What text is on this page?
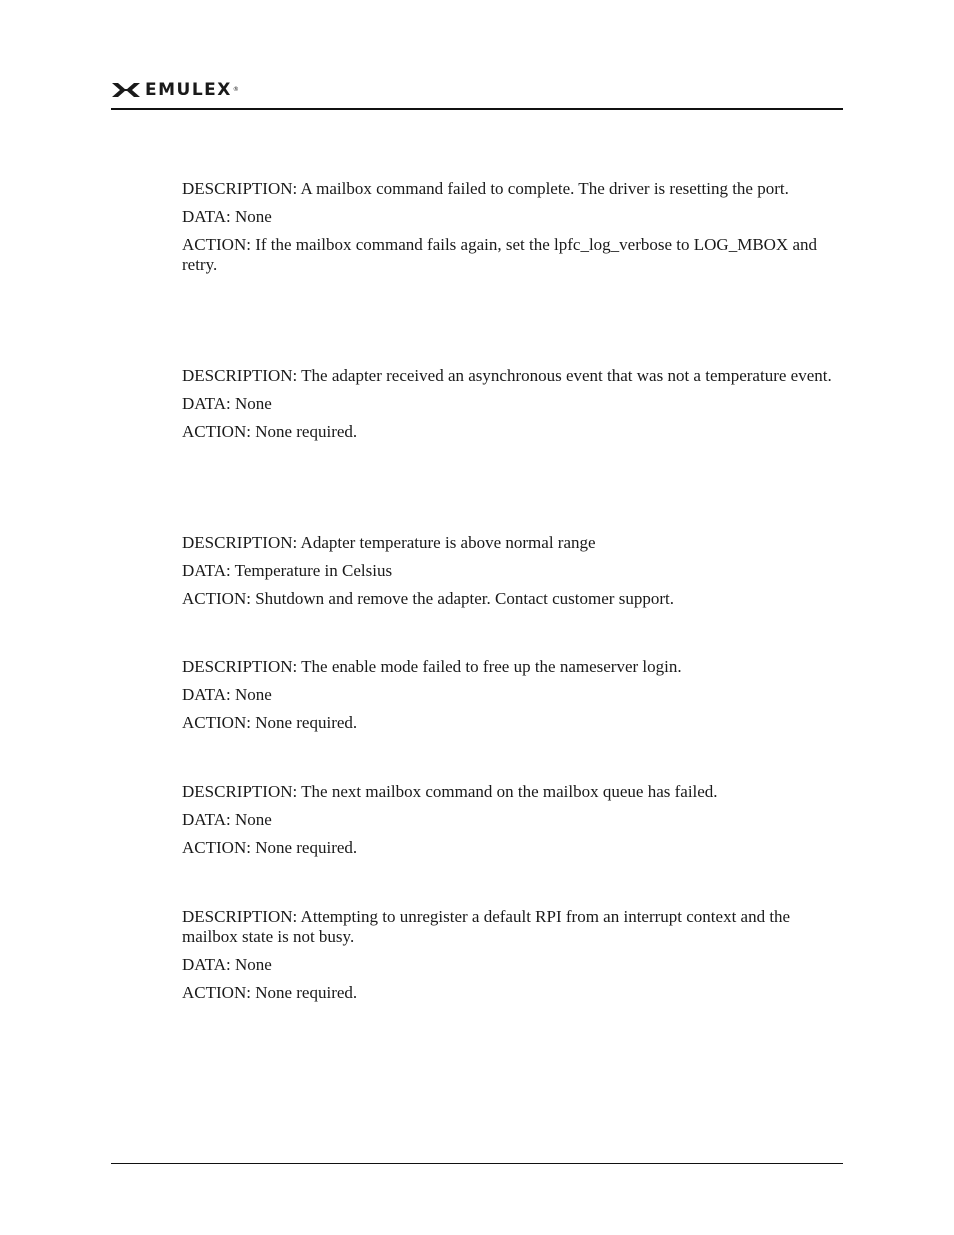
EMULEX ®

DESCRIPTION: A mailbox command failed to complete. The driver is resetting the port.

DATA: None

ACTION: If the mailbox command fails again, set the lpfc_log_verbose to LOG_MBOX and retry.

DESCRIPTION: The adapter received an asynchronous event that was not a temperature event.

DATA: None

ACTION: None required.

DESCRIPTION: Adapter temperature is above normal range

DATA: Temperature in Celsius

ACTION: Shutdown and remove the adapter. Contact customer support.

DESCRIPTION: The enable mode failed to free up the nameserver login.

DATA: None

ACTION: None required.

DESCRIPTION: The next mailbox command on the mailbox queue has failed.

DATA: None

ACTION: None required.

DESCRIPTION: Attempting to unregister a default RPI from an interrupt context and the mailbox state is not busy.

DATA: None

ACTION: None required.
